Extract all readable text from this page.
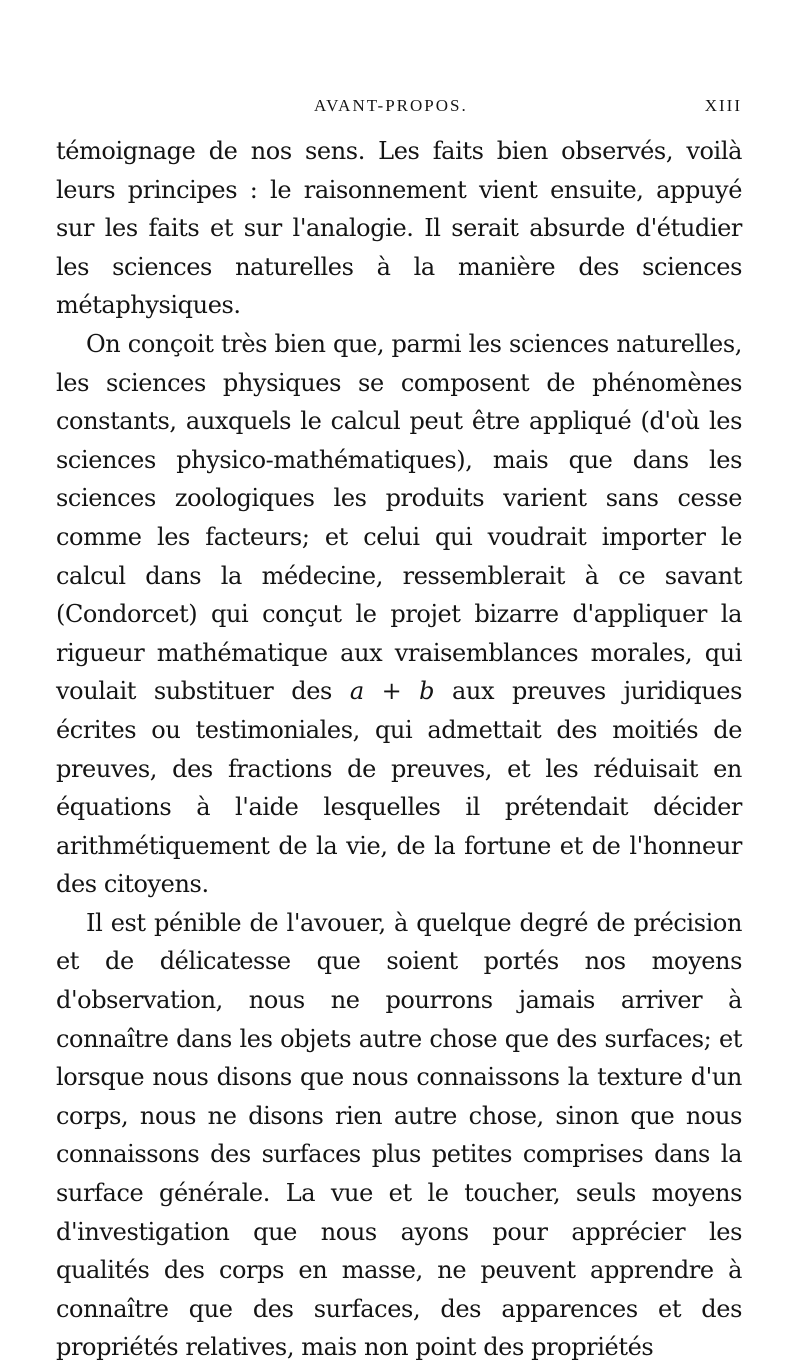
AVANT-PROPOS.	XIII

témoignage de nos sens. Les faits bien observés, voilà leurs principes : le raisonnement vient ensuite, appuyé sur les faits et sur l'analogie. Il serait absurde d'étudier les sciences naturelles à la manière des sciences métaphysiques.

On conçoit très bien que, parmi les sciences naturelles, les sciences physiques se composent de phénomènes constants, auxquels le calcul peut être appliqué (d'où les sciences physico-mathématiques), mais que dans les sciences zoologiques les produits varient sans cesse comme les facteurs; et celui qui voudrait importer le calcul dans la médecine, ressemblerait à ce savant (Condorcet) qui conçut le projet bizarre d'appliquer la rigueur mathématique aux vraisemblances morales, qui voulait substituer des a + b aux preuves juridiques écrites ou testimoniales, qui admettait des moitiés de preuves, des fractions de preuves, et les réduisait en équations à l'aide lesquelles il prétendait décider arithmétiquement de la vie, de la fortune et de l'honneur des citoyens.

Il est pénible de l'avouer, à quelque degré de précision et de délicatesse que soient portés nos moyens d'observation, nous ne pourrons jamais arriver à connaître dans les objets autre chose que des surfaces; et lorsque nous disons que nous connaissons la texture d'un corps, nous ne disons rien autre chose, sinon que nous connaissons des surfaces plus petites comprises dans la surface générale. La vue et le toucher, seuls moyens d'investigation que nous ayons pour apprécier les qualités des corps en masse, ne peuvent apprendre à connaître que des surfaces, des apparences et des propriétés relatives, mais non point des propriétés
